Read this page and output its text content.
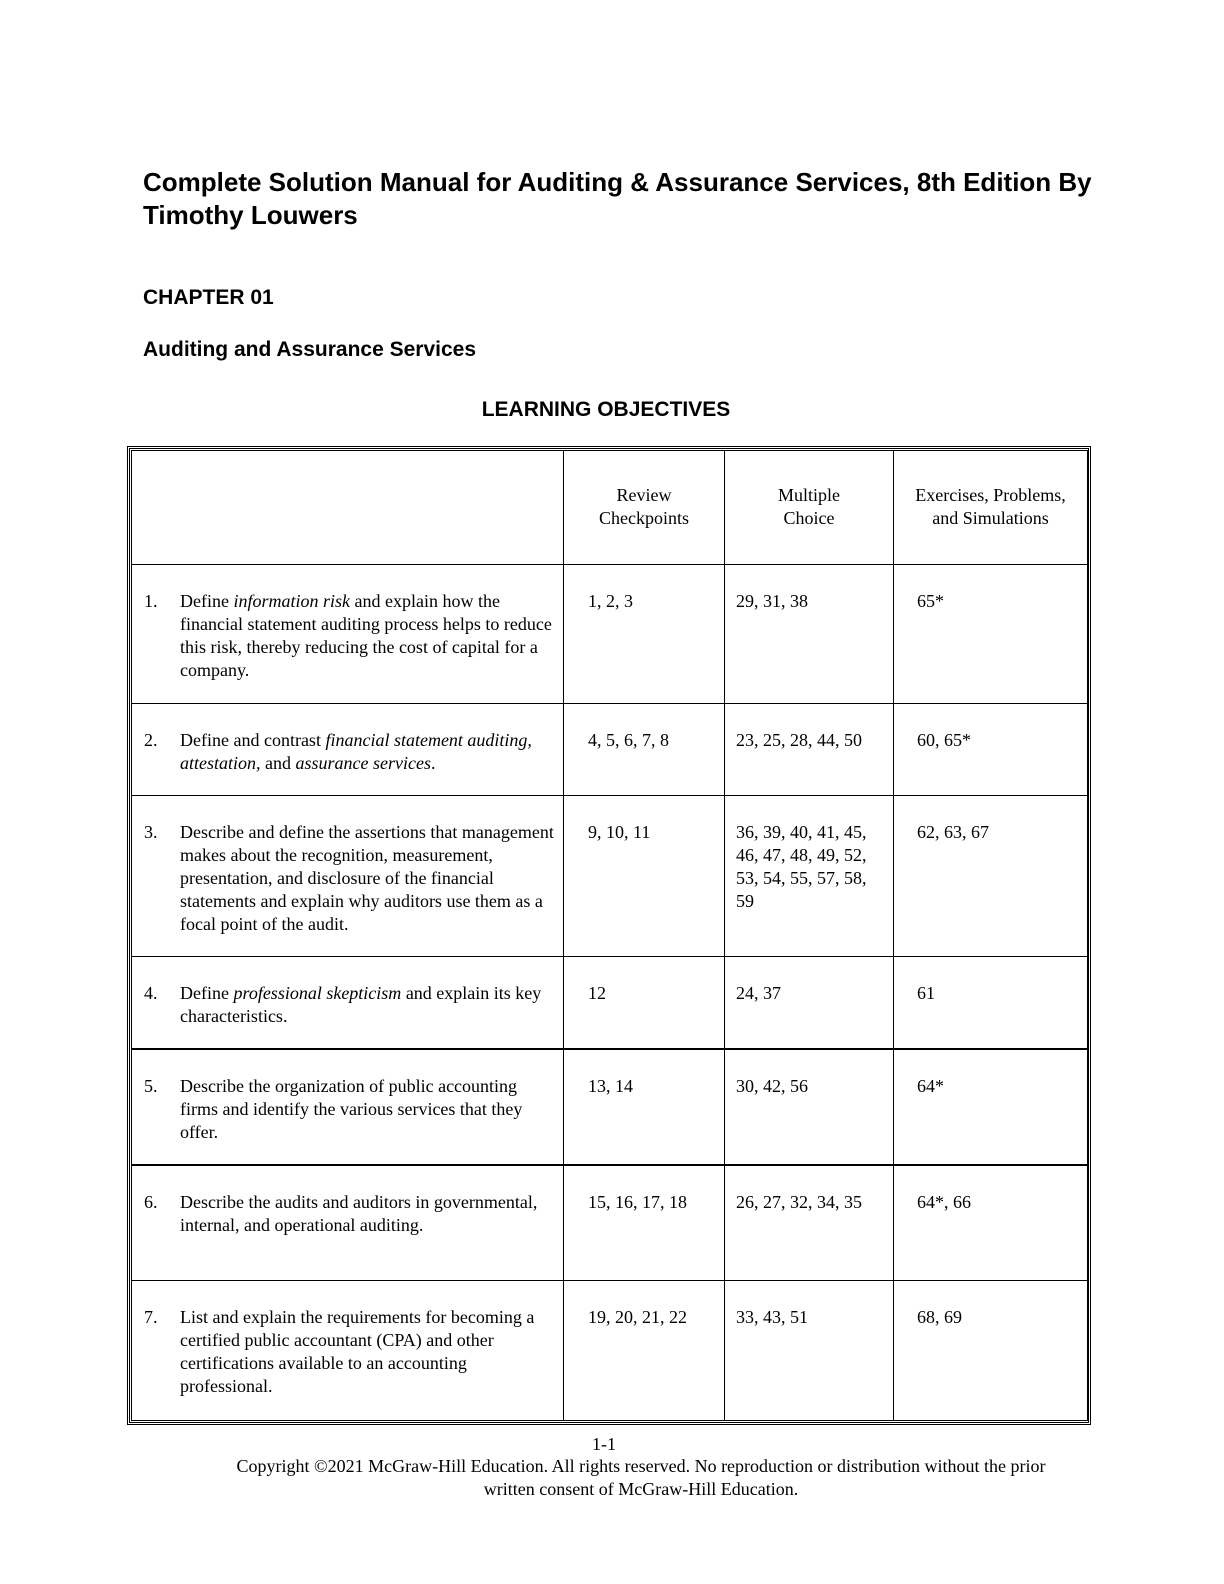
Complete Solution Manual for Auditing & Assurance Services, 8th Edition By Timothy Louwers
CHAPTER 01
Auditing and Assurance Services
LEARNING OBJECTIVES
	Review Checkpoints	Multiple Choice	Exercises, Problems, and Simulations

1. Define information risk and explain how the financial statement auditing process helps to reduce this risk, thereby reducing the cost of capital for a company.	1, 2, 3	29, 31, 38	65*

2. Define and contrast financial statement auditing, attestation, and assurance services.	4, 5, 6, 7, 8	23, 25, 28, 44, 50	60, 65*

3. Describe and define the assertions that management makes about the recognition, measurement, presentation, and disclosure of the financial statements and explain why auditors use them as a focal point of the audit.	9, 10, 11	36, 39, 40, 41, 45, 46, 47, 48, 49, 52, 53, 54, 55, 57, 58, 59	62, 63, 67

4. Define professional skepticism and explain its key characteristics.	12	24, 37	61

5. Describe the organization of public accounting firms and identify the various services that they offer.	13, 14	30, 42, 56	64*

6. Describe the audits and auditors in governmental, internal, and operational auditing.	15, 16, 17, 18	26, 27, 32, 34, 35	64*, 66

7. List and explain the requirements for becoming a certified public accountant (CPA) and other certifications available to an accounting professional.	19, 20, 21, 22	33, 43, 51	68, 69
1-1
Copyright ©2021 McGraw-Hill Education. All rights reserved. No reproduction or distribution without the prior written consent of McGraw-Hill Education.
